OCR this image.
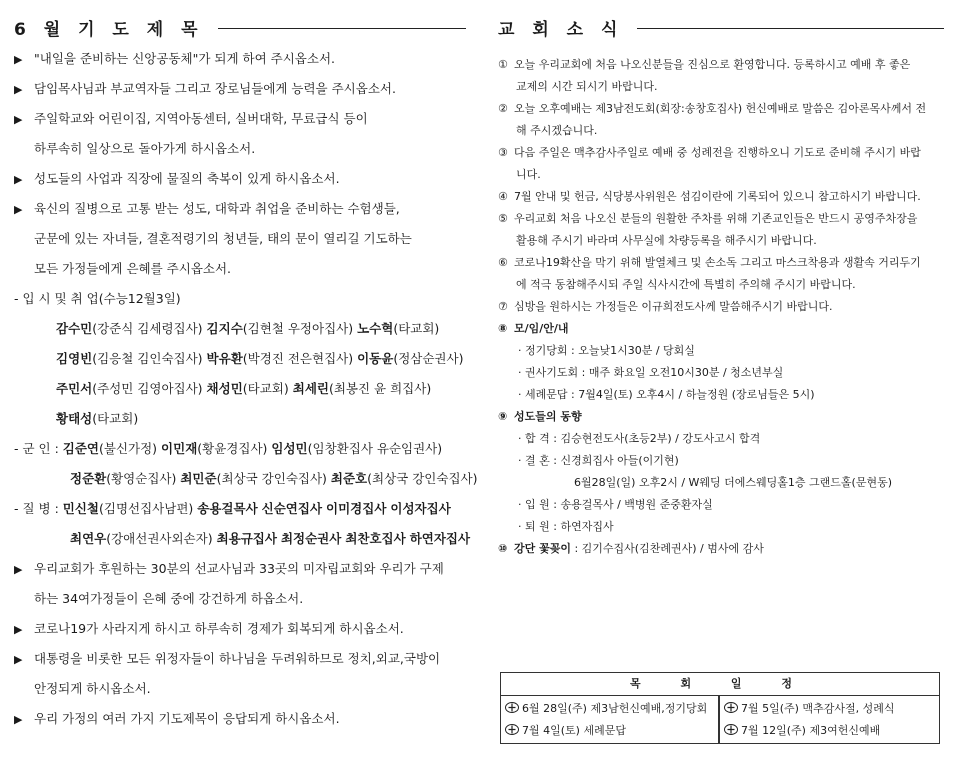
6 월 기 도 제 목
▶ "내일을 준비하는 신앙공동체"가 되게 하여 주시옵소서.
▶ 담임목사님과 부교역자들 그리고 장로님들에게 능력을 주시옵소서.
▶ 주일학교와 어린이집, 지역아동센터, 실버대학, 무료급식 등이
하루속히 일상으로 돌아가게 하시옵소서.
▶ 성도들의 사업과 직장에 물질의 축복이 있게 하시옵소서.
▶ 육신의 질병으로 고통 받는 성도, 대학과 취업을 준비하는 수험생들,
군문에 있는 자녀들, 결혼적령기의 청년들, 태의 문이 열리길 기도하는
모든 가정들에게 은혜를 주시옵소서.
- 입 시 및 취 업(수능12월3일)
감수민(강준식 김세령집사) 김지수(김현철 우정아집사) 노수혁(타교회)
김영빈(김응철 김인숙집사) 박유환(박경진 전은현집사) 이동윤(정삼순권사)
주민서(주성민 김영아집사) 채성민(타교회) 최세린(최봉진 윤 희집사)
황태성(타교회)
- 군 인 : 김준연(불신가정) 이민재(황윤경집사) 임성민(임창환집사 유순임권사)
정준환(황영순집사) 최민준(최상국 강인숙집사) 최준호(최상국 강인숙집사)
- 질 병 : 민신철(김명선집사남편) 송용걸목사 신순연집사 이미경집사 이성자집사
최연우(강애선권사외손자) 최용규집사 최정순권사 최찬호집사 하연자집사
▶ 우리교회가 후원하는 30분의 선교사님과 33곳의 미자립교회와 우리가 구제
하는 34여가정들이 은혜 중에 강건하게 하옵소서.
▶ 코로나19가 사라지게 하시고 하루속히 경제가 회복되게 하시옵소서.
▶ 대통령을 비롯한 모든 위정자들이 하나님을 두려워하므로 정치,외교,국방이
안정되게 하시옵소서.
▶ 우리 가정의 여러 가지 기도제목이 응답되게 하시옵소서.
교 회 소 식
① 오늘 우리교회에 처음 나오신분들을 진심으로 환영합니다. 등록하시고 예배 후 좋은
교제의 시간 되시기 바랍니다.
② 오늘 오후예배는 제3남전도회(회장:송창호집사) 헌신예배로 말씀은 김아론목사께서 전
해 주시겠습니다.
③ 다음 주일은 맥추감사주일로 예배 중 성례전을 진행하오니 기도로 준비해 주시기 바랍
니다.
④ 7월 안내 및 헌금, 식당봉사위원은 섬김이란에 기록되어 있으니 참고하시기 바랍니다.
⑤ 우리교회 처음 나오신 분들의 원활한 주차를 위해 기존교인들은 반드시 공영주차장을
활용해 주시기 바라며 사무실에 차량등록을 해주시기 바랍니다.
⑥ 코로나19확산을 막기 위해 발열체크 및 손소독 그리고 마스크착용과 생활속 거리두기
에 적극 동참해주시되 주일 식사시간에 특별히 주의해 주시기 바랍니다.
⑦ 심방을 원하시는 가정들은 이규희전도사께 말씀해주시기 바랍니다.
⑧ 모/임/안/내
· 정기당회 : 오늘낮1시30분 / 당회실
· 권사기도회 : 매주 화요일 오전10시30분 / 청소년부실
· 세례문답 : 7월4일(토) 오후4시 / 하늘정원 (장로님들은 5시)
⑨ 성도들의 동향
· 합 격 : 김승현전도사(초등2부) / 강도사고시 합격
· 결 혼 : 신경희집사 아들(이기현)
6월28일(일) 오후2시 / W웨딩 더에스웨딩홀1층 그랜드홀(문현동)
· 입 원 : 송용걸목사 / 백병원 준중환자실
· 퇴 원 : 하연자집사
⑩ 강단 꽃꽂이 : 김기수집사(김찬례권사) / 범사에 감사
목 회 일 정
6월 28일(주) 제3남헌신예배,정기당회
7월 4일(토) 세례문답
7월 5일(주) 맥추감사절, 성례식
7월 12일(주) 제3여헌신예배
